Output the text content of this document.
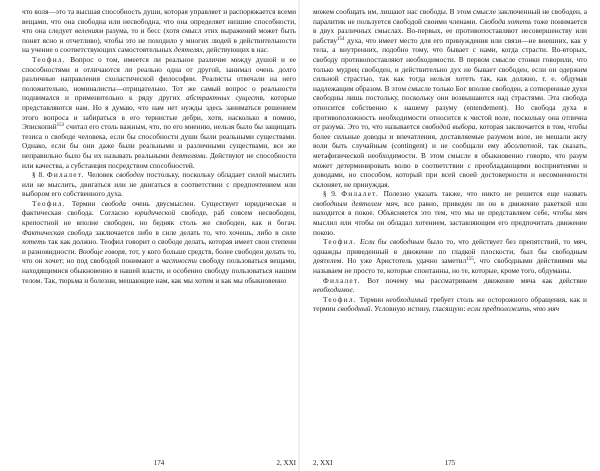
что воля—это та высшая способность души, которая управляет и распоряжается всеми вещами, что она свободна или несвободна, что она определяет низшие способности, что она следует велениям разума, то и бесс (хотя смысл этих выражений может быть понят ясно и отчетливо), чтобы это не походило у многих людей в действительности на учение о соответствующих самостоятельных деятелях, действующих в нас.

Теофил. Вопрос о том, имеется ли реальное различие между душой и ее способностями и отличаются ли реально одна от другой, занимал очень долго различные направления схоластической философии. Реалисты отвечали на него положительно, номиналисты—отрицательно. Тот же самый вопрос о реальности поднимался и применительно к ряду других абстрактных существ, которые представляются нам. Но я думаю, что нам нет нужды здесь заниматься решением этого вопроса и забираться в его тернистые дебри, хотя, насколько я помню, Эпископий$^{153}$ считал его столь важным, что, по его мнению, нельзя было бы защищать тезиса о свободе человека, если бы способности души были реальными существами. Однако, если бы они даже были реальными и различными существами, все же неправильно было бы их называть реальными деятелями. Действуют не способности или качества, а субстанция посредством способностей.

§ 8. Филалет. Человек свободен постольку, поскольку обладает силой мыслить или не мыслить, двигаться или не двигаться в соответствии с предпочтением или выбором его собственного духа.

Теофил. Термин свобода очень двусмыслен. Существует юридическая и фактическая свобода. Согласно юридической свободе, раб совсем несвободен, крепостной не вполне свободен, но бедняк столь же свободен, как и богач. Фактическая свобода заключается либо в силе делать то, что хочешь, либо в силе хотеть так как должно. Теофил говорит о свободе делать, которая имеет свои степени и разновидности. Вообще говоря, тот, у кого больше средств, более свободен делать то, что он хочет; но под свободой понимают в частности свободу пользоваться вещами, находящимися обыкновенно в нашей власти, и особенно свободу пользоваться нашим телом. Так, тюрьма и болезни, мешающие нам, как мы хотим и как мы обыкновенно

174	2, XXI

можем сообщать им, лишают нас свободы. В этом смысле заключенный не свободен, а паралитик не пользуется свободой своими членами. Свобода хотеть тоже понимается в двух различных смыслах. Во-первых, ее противопоставляют несовершенству или рабству$^{154}$ духа, что имеет место для его принуждения или связи—не внешних, как у тела, а внутренних, подобно тому, что бывает с нами, когда страсти. Во-вторых, свободу противопоставляют необходимости. В первом смысле стоики говорили, что только мудрец свободен, и действительно дух не бывает свободен, если он одержим сильной страстью, так как тогда нельзя хотеть так, как должно, т. е. обдумав надлежащим образом. В этом смысле только Бог вполне свободен, а сотворенные духи свободны лишь постольку, поскольку они возвышаются над страстями. Эта свобода относится собственно к нашему разуму (entendement). Но свобода духа в противоположность необходимости относится к чистой воле, поскольку она отлична от разума. Это то, что называется свободой выбора, которая заключается в том, чтобы более сильные доводы и впечатления, доставляемые разумом воле, не мешали акту воли быть случайным (contingent) и не сообщали ему абсолютной, так сказать, метафизической необходимости. В этом смысле я обыкновенно говорю, что разум может детерминировать волю в соответствии с преобладающими восприятиями и доводами, но способом, который при всей своей достоверности и несомненности склоняет, не принуждая.

§ 9. Филалет. Полезно указать также, что никто не решится еще назвать свободным деятелем мяч, все равно, приведен ли он в движение ракеткой или находится в покое. Объясняется это тем, что мы не представляем себе, чтобы мяч мыслил или чтобы он обладал хотением, заставляющим его предпочитать движение покою.

Теофил. Если бы свободным было то, что действует без препятствий, то мяч, однажды приведенный в движение по гладкой плоскости, был бы свободным деятелем. Но уже Аристотель удачно заметил$^{155}$, что свободными действиями мы называем не просто те, которые спонтанны, но те, которые, кроме того, обдуманы.

Филалет. Вот почему мы рассматриваем движение мяча как действие необходимое.

Теофил. Термин необходимый требует столь же осторожного обращения, как и термин свободный. Условную истину, гласящую: если предположить, что мяч

2, XXI	175
